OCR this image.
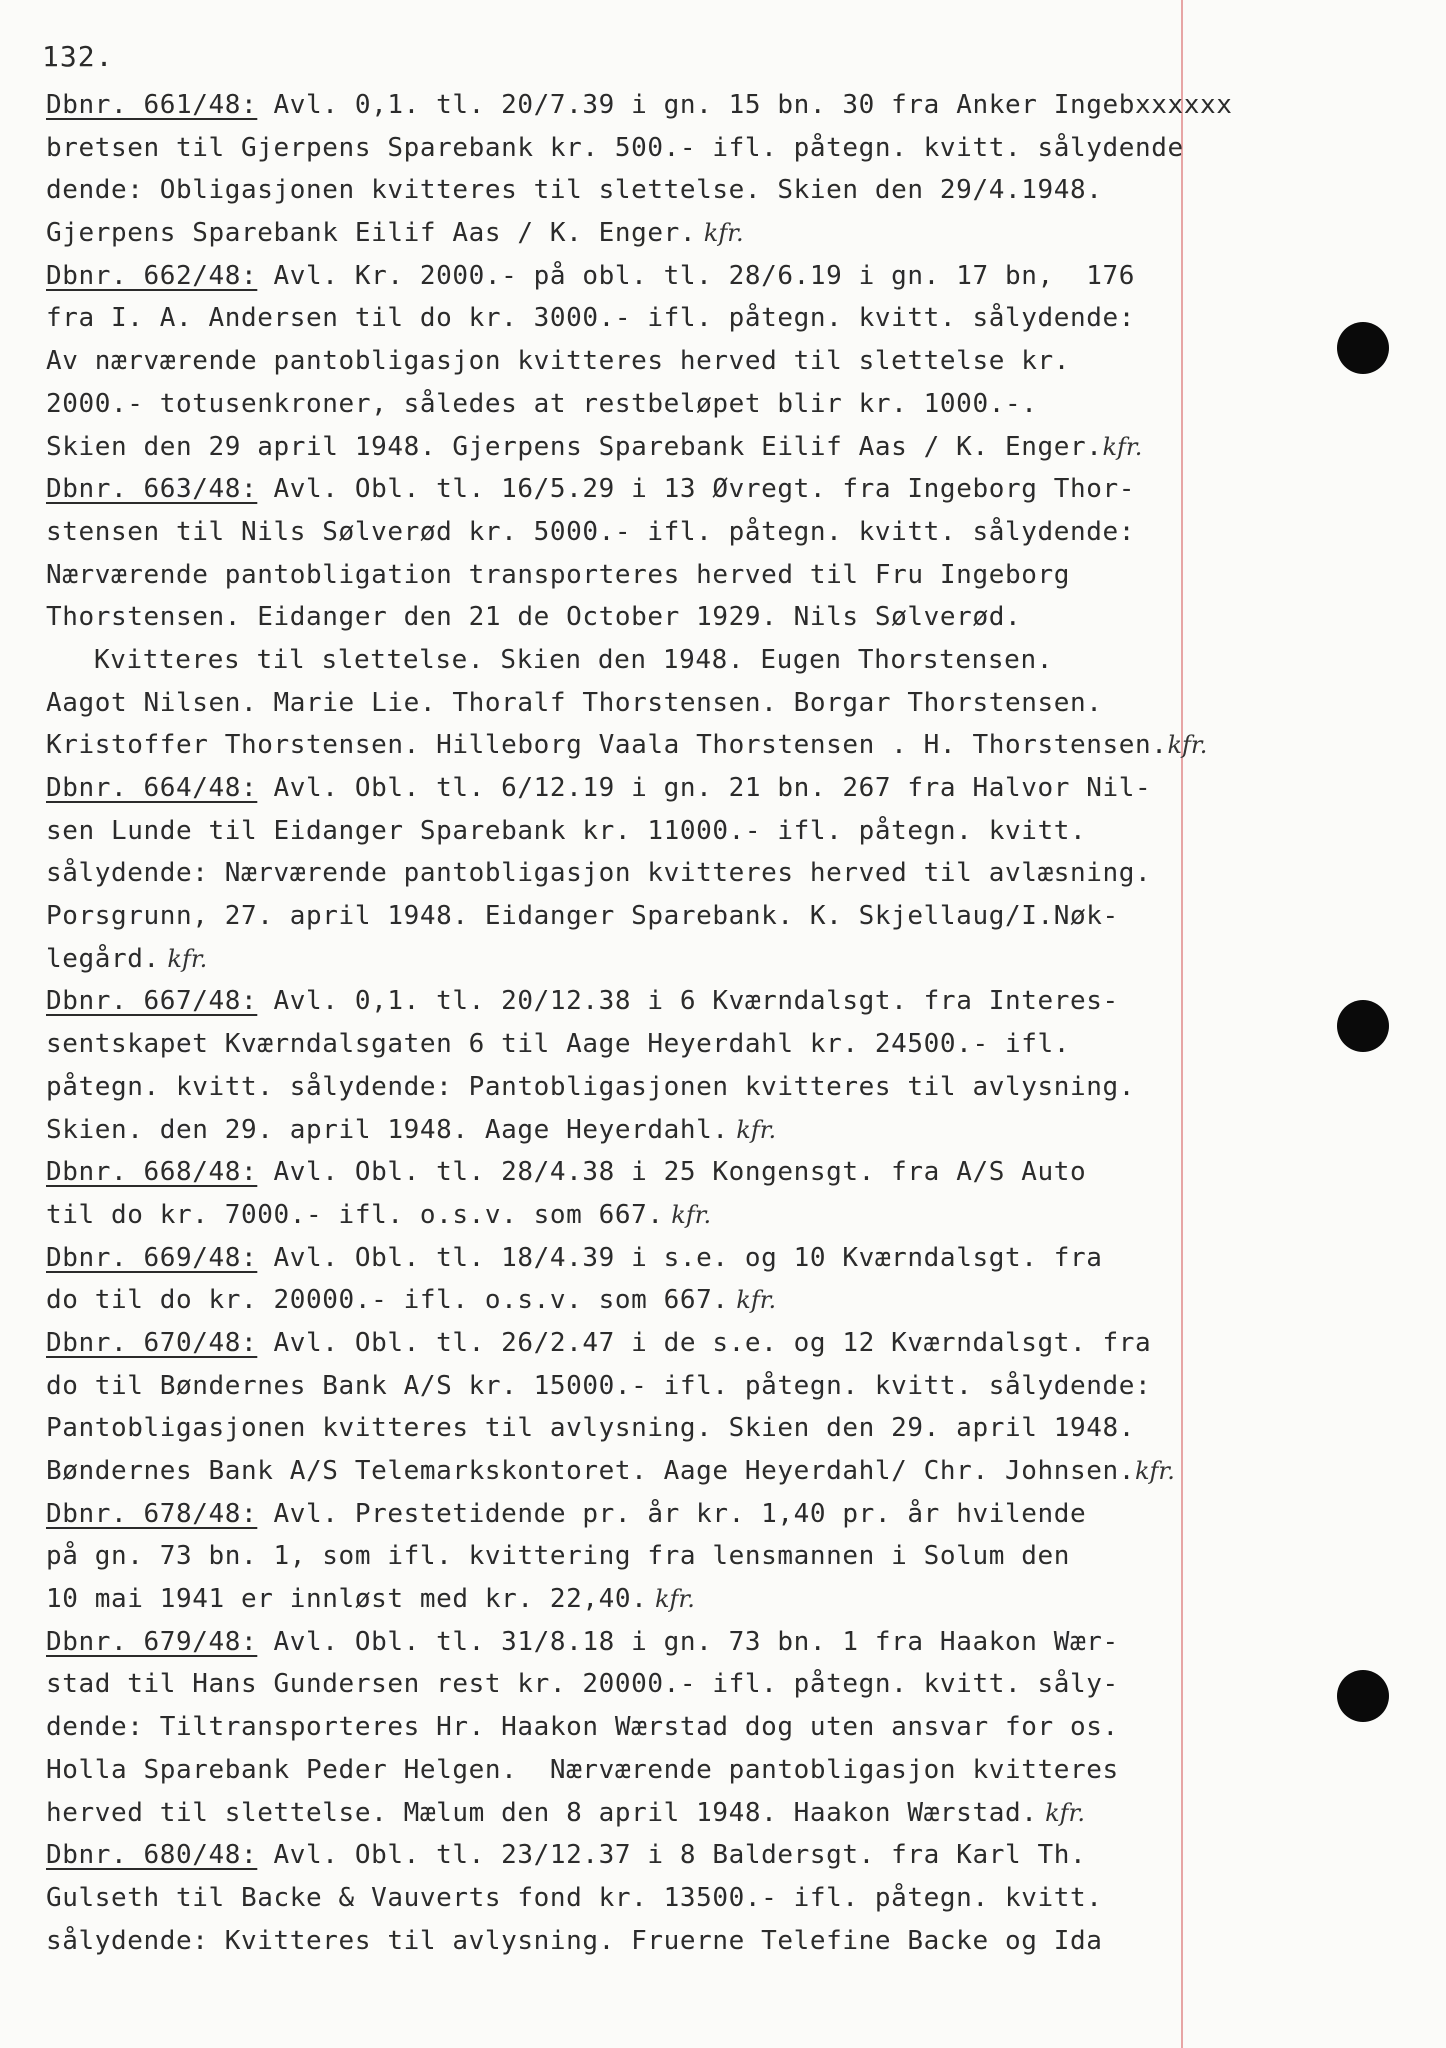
132.
Dbnr. 661/48: Avl. 0,1. tl. 20/7.39 i gn. 15 bn. 30 fra Anker Ingebxxxxxx
bretsen til Gjerpens Sparebank kr. 500.- ifl. påtegn. kvitt. sålydende
dende: Obligasjonen kvitteres til slettelse. Skien den 29/4.1948.
Gjerpens Sparebank Eilif Aas / K. Enger. kfr.
Dbnr. 662/48: Avl. Kr. 2000.- på obl. tl. 28/6.19 i gn. 17 bn,  176
fra I. A. Andersen til do kr. 3000.- ifl. påtegn. kvitt. sålydende:
Av nærværende pantobligasjon kvitteres herved til slettelse kr.
2000.- totusenkroner, således at restbeløpet blir kr. 1000.-.
Skien den 29 april 1948. Gjerpens Sparebank Eilif Aas / K. Enger.kfr.
Dbnr. 663/48: Avl. Obl. tl. 16/5.29 i 13 Øvregt. fra Ingeborg Thor-
stensen til Nils Sølverød kr. 5000.- ifl. påtegn. kvitt. sålydende:
Nærværende pantobligation transporteres herved til Fru Ingeborg
Thorstensen. Eidanger den 21 de October 1929. Nils Sølverød.
Kvitteres til slettelse. Skien den 1948. Eugen Thorstensen.
Aagot Nilsen. Marie Lie. Thoralf Thorstensen. Borgar Thorstensen.
Kristoffer Thorstensen. Hilleborg Vaala Thorstensen . H. Thorstensen.kfr.
Dbnr. 664/48: Avl. Obl. tl. 6/12.19 i gn. 21 bn. 267 fra Halvor Nil-
sen Lunde til Eidanger Sparebank kr. 11000.- ifl. påtegn. kvitt.
sålydende: Nærværende pantobligasjon kvitteres herved til avlæsning.
Porsgrunn, 27. april 1948. Eidanger Sparebank. K. Skjellaug/I.Nøk-
legård. kfr.
Dbnr. 667/48: Avl. 0,1. tl. 20/12.38 i 6 Kværndalsgt. fra Interes-
sentskapet Kværndalsgaten 6 til Aage Heyerdahl kr. 24500.- ifl.
påtegn. kvitt. sålydende: Pantobligasjonen kvitteres til avlysning.
Skien. den 29. april 1948. Aage Heyerdahl. kfr.
Dbnr. 668/48: Avl. Obl. tl. 28/4.38 i 25 Kongensgt. fra A/S Auto
til do kr. 7000.- ifl. o.s.v. som 667. kfr.
Dbnr. 669/48: Avl. Obl. tl. 18/4.39 i s.e. og 10 Kværndalsgt. fra
do til do kr. 20000.- ifl. o.s.v. som 667. kfr.
Dbnr. 670/48: Avl. Obl. tl. 26/2.47 i de s.e. og 12 Kværndalsgt. fra
do til Bøndernes Bank A/S kr. 15000.- ifl. påtegn. kvitt. sålydende:
Pantobligasjonen kvitteres til avlysning. Skien den 29. april 1948.
Bøndernes Bank A/S Telemarkskontoret. Aage Heyerdahl/ Chr. Johnsen.kfr.
Dbnr. 678/48: Avl. Prestetidende pr. år kr. 1,40 pr. år hvilende
på gn. 73 bn. 1, som ifl. kvittering fra lensmannen i Solum den
10 mai 1941 er innløst med kr. 22,40. kfr.
Dbnr. 679/48: Avl. Obl. tl. 31/8.18 i gn. 73 bn. 1 fra Haakon Wær-
stad til Hans Gundersen rest kr. 20000.- ifl. påtegn. kvitt. såly-
dende: Tiltransporteres Hr. Haakon Wærstad dog uten ansvar for os.
Holla Sparebank Peder Helgen.  Nærværende pantobligasjon kvitteres
herved til slettelse. Mælum den 8 april 1948. Haakon Wærstad. kfr.
Dbnr. 680/48: Avl. Obl. tl. 23/12.37 i 8 Baldersgt. fra Karl Th.
Gulseth til Backe & Vauverts fond kr. 13500.- ifl. påtegn. kvitt.
sålydende: Kvitteres til avlysning. Fruerne Telefine Backe og Ida
